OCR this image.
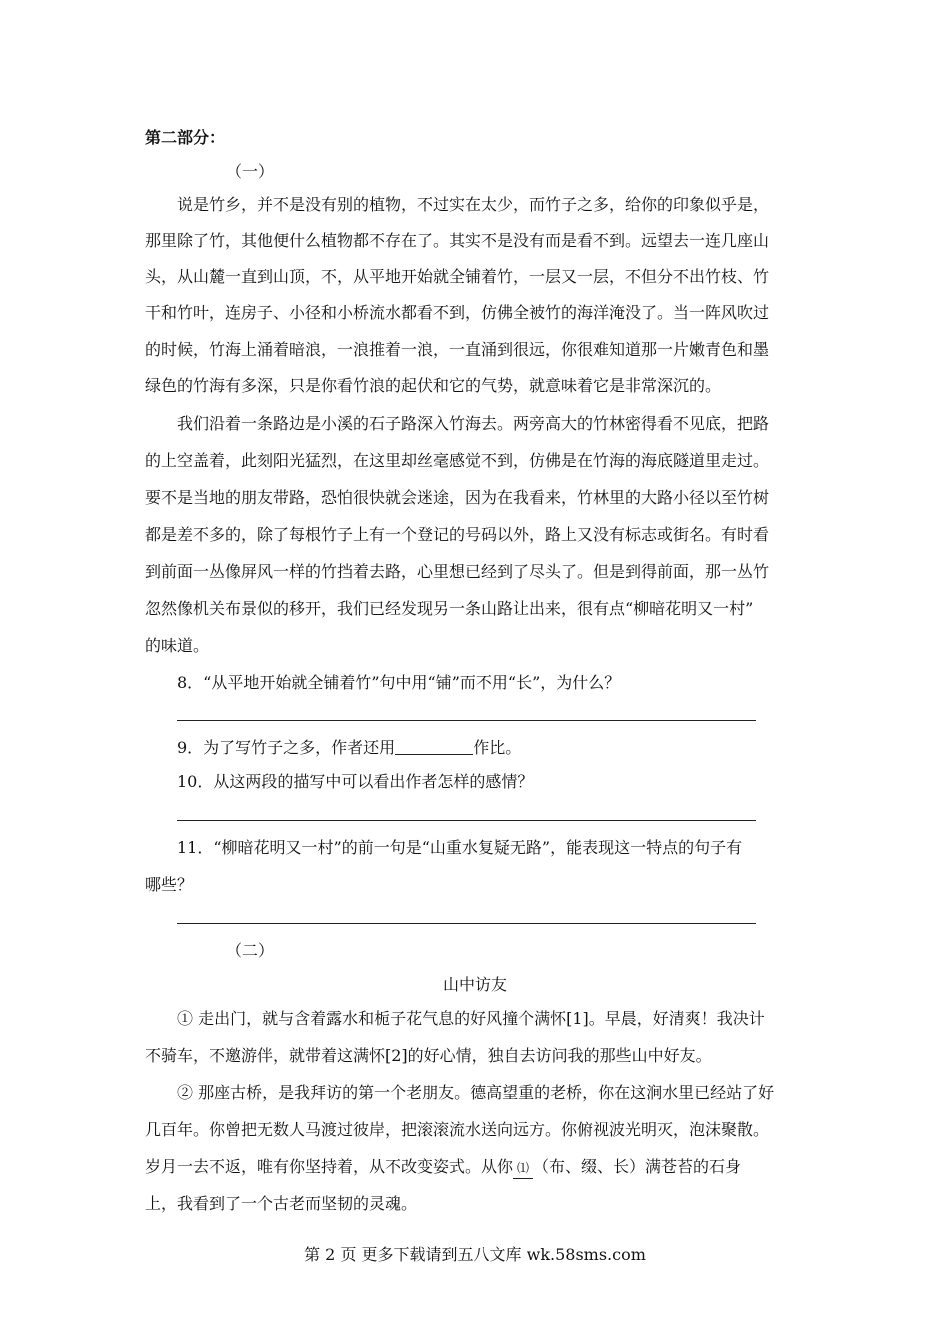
第二部分：
（一）
说是竹乡，并不是没有别的植物，不过实在太少，而竹子之多，给你的印象似乎是，
那里除了竹，其他便什么植物都不存在了。其实不是没有而是看不到。远望去一连几座山
头，从山麓一直到山顶，不，从平地开始就全铺着竹，一层又一层，不但分不出竹枝、竹
干和竹叶，连房子、小径和小桥流水都看不到，仿佛全被竹的海洋淹没了。当一阵风吹过
的时候，竹海上涌着暗浪，一浪推着一浪，一直涌到很远，你很难知道那一片嫩青色和墨
绿色的竹海有多深，只是你看竹浪的起伏和它的气势，就意味着它是非常深沉的。
我们沿着一条路边是小溪的石子路深入竹海去。两旁高大的竹林密得看不见底，把路
的上空盖着，此刻阳光猛烈，在这里却丝毫感觉不到，仿佛是在竹海的海底隧道里走过。
要不是当地的朋友带路，恐怕很快就会迷途，因为在我看来，竹林里的大路小径以至竹树
都是差不多的，除了每根竹子上有一个登记的号码以外，路上又没有标志或街名。有时看
到前面一丛像屏风一样的竹挡着去路，心里想已经到了尽头了。但是到得前面，那一丛竹
忽然像机关布景似的移开，我们已经发现另一条山路让出来，很有点“柳暗花明又一村”
的味道。
8．“从平地开始就全铺着竹”句中用“铺”而不用“长”，为什么？
9．为了写竹子之多，作者还用	作比。
10．从这两段的描写中可以看出作者怎样的感情？
11．“柳暗花明又一村”的前一句是“山重水复疑无路”，能表现这一特点的句子有
哪些？
（二）
山中访友
① 走出门，就与含着露水和栀子花气息的好风撞个满怀[1]。早晨，好清爽！我决计
不骑车，不邀游伴，就带着这满怀[2]的好心情，独自去访问我的那些山中好友。
② 那座古桥，是我拜访的第一个老朋友。德高望重的老桥，你在这涧水里已经站了好
几百年。你曾把无数人马渡过彼岸，把滚滚流水送向远方。你俯视波光明灭，泡沫聚散。
岁月一去不返，唯有你坚持着，从不改变姿式。从你 ⑴ （布、缀、长）满苍苔的石身
上，我看到了一个古老而坚韧的灵魂。
第 2 页 更多下载请到五八文库 wk.58sms.com
